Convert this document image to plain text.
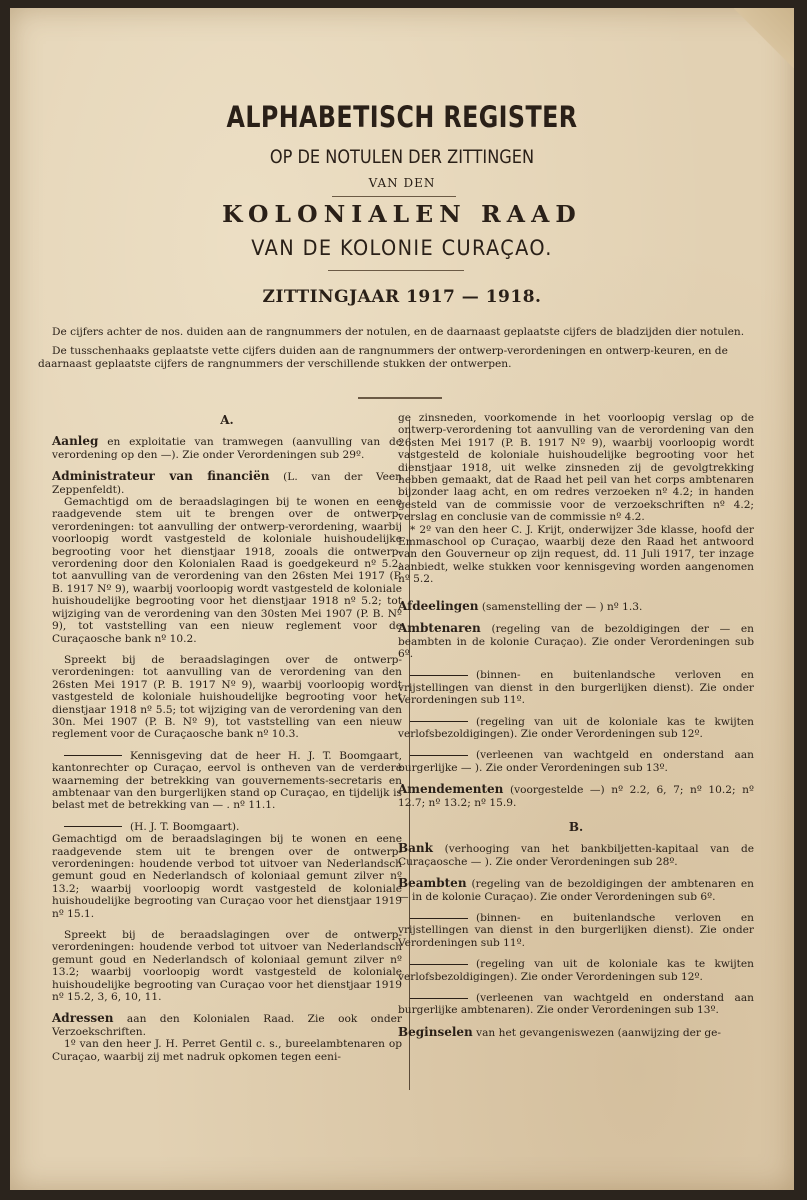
ALPHABETISCH REGISTER
OP DE NOTULEN DER ZITTINGEN
VAN DEN
KOLONIALEN RAAD
VAN DE KOLONIE CURAÇAO.
ZITTINGJAAR 1917 — 1918.

De cijfers achter de nos. duiden aan de rangnummers der notulen, en de daarnaast geplaatste cijfers de bladzijden dier notulen.

De tusschenhaaks geplaatste vette cijfers duiden aan de rangnummers der ontwerp-verordeningen en ontwerp-keuren, en de daarnaast geplaatste cijfers de rangnummers der verschillende stukken der ontwerpen.

A.

Aanleg en exploitatie van tramwegen (aanvulling van de verordening op den —). Zie onder Verordeningen sub 29º.

Administrateur van financiën (L. van der Veen Zeppenfeldt).

Gemachtigd om de beraadslagingen bij te wonen en eene raadgevende stem uit te brengen over de ontwerp-verordeningen: tot aanvulling der ontwerp-verordening, waarbij voorloopig wordt vastgesteld de koloniale huishoudelijke begrooting voor het dienstjaar 1918, zooals die ontwerp-verordening door den Kolonialen Raad is goedgekeurd nº 5.2; tot aanvulling van de verordening van den 26sten Mei 1917 (P. B. 1917 Nº 9), waarbij voorloopig wordt vastgesteld de koloniale huishoudelijke begrooting voor het dienstjaar 1918 nº 5.2; tot wijziging van de verordening van den 30sten Mei 1907 (P. B. Nº 9), tot vaststelling van een nieuw reglement voor de Curaçaosche bank nº 10.2.

Spreekt bij de beraadslagingen over de ontwerp-verordeningen: tot aanvulling van de verordening van den 26sten Mei 1917 (P. B. 1917 Nº 9), waarbij voorloopig wordt vastgesteld de koloniale huishoudelijke begrooting voor het dienstjaar 1918 nº 5.5; tot wijziging van de verordening van den 30n. Mei 1907 (P. B. Nº 9), tot vaststelling van een nieuw reglement voor de Curaçaosche bank nº 10.3.

Kennisgeving dat de heer H. J. T. Boomgaart, kantonrechter op Curaçao, eervol is ontheven van de verdere waarneming der betrekking van gouvernements-secretaris en ambtenaar van den burgerlijken stand op Curaçao, en tijdelijk is belast met de betrekking van — . nº 11.1.

(H. J. T. Boomgaart).

Gemachtigd om de beraadslagingen bij te wonen en eene raadgevende stem uit te brengen over de ontwerp-verordeningen: houdende verbod tot uitvoer van Nederlandsch gemunt goud en Nederlandsch of koloniaal gemunt zilver nº 13.2; waarbij voorloopig wordt vastgesteld de koloniale huishoudelijke begrooting van Curaçao voor het dienstjaar 1919 nº 15.1.

Spreekt bij de beraadslagingen over de ontwerp-verordeningen: houdende verbod tot uitvoer van Nederlandsch gemunt goud en Nederlandsch of koloniaal gemunt zilver nº 13.2; waarbij voorloopig wordt vastgesteld de koloniale huishoudelijke begrooting van Curaçao voor het dienstjaar 1919 nº 15.2, 3, 6, 10, 11.

Adressen aan den Kolonialen Raad. Zie ook onder Verzoekschriften.

1º van den heer J. H. Perret Gentil c. s., bureelambtenaren op Curaçao, waarbij zij met nadruk opkomen tegen eeni-

ge zinsneden, voorkomende in het voorloopig verslag op de ontwerp-verordening tot aanvulling van de verordening van den 26sten Mei 1917 (P. B. 1917 Nº 9), waarbij voorloopig wordt vastgesteld de koloniale huishoudelijke begrooting voor het dienstjaar 1918, uit welke zinsneden zij de gevolgtrekking hebben gemaakt, dat de Raad het peil van het corps ambtenaren bijzonder laag acht, en om redres verzoeken nº 4.2; in handen gesteld van de commissie voor de verzoekschriften nº 4.2; verslag en conclusie van de commissie nº 4.2.

* 2º van den heer C. J. Krijt, onderwijzer 3de klasse, hoofd der Emmaschool op Curaçao, waarbij deze den Raad het antwoord van den Gouverneur op zijn request, dd. 11 Juli 1917, ter inzage aanbiedt, welke stukken voor kennisgeving worden aangenomen nº 5.2.

Afdeelingen (samenstelling der — ) nº 1.3.

Ambtenaren (regeling van de bezoldigingen der — en beambten in de kolonie Curaçao). Zie onder Verordeningen sub 6º.

(binnen- en buitenlandsche verloven en vrijstellingen van dienst in den burgerlijken dienst). Zie onder Verordeningen sub 11º.

(regeling van uit de koloniale kas te kwijten verlofsbezoldigingen). Zie onder Verordeningen sub 12º.

(verleenen van wachtgeld en onderstand aan burgerlijke — ). Zie onder Verordeningen sub 13º.

Amendementen (voorgestelde —) nº 2.2, 6, 7; nº 10.2; nº 12.7; nº 13.2; nº 15.9.

B.

Bank (verhooging van het bankbiljetten-kapitaal van de Curaçaosche — ). Zie onder Verordeningen sub 28º.

Beambten (regeling van de bezoldigingen der ambtenaren en — in de kolonie Curaçao). Zie onder Verordeningen sub 6º.

(binnen- en buitenlandsche verloven en vrijstellingen van dienst in den burgerlijken dienst). Zie onder Verordeningen sub 11º.

(regeling van uit de koloniale kas te kwijten verlofsbezoldigingen). Zie onder Verordeningen sub 12º.

(verleenen van wachtgeld en onderstand aan burgerlijke ambtenaren). Zie onder Verordeningen sub 13º.

Beginselen van het gevangeniswezen (aanwijzing der ge-
